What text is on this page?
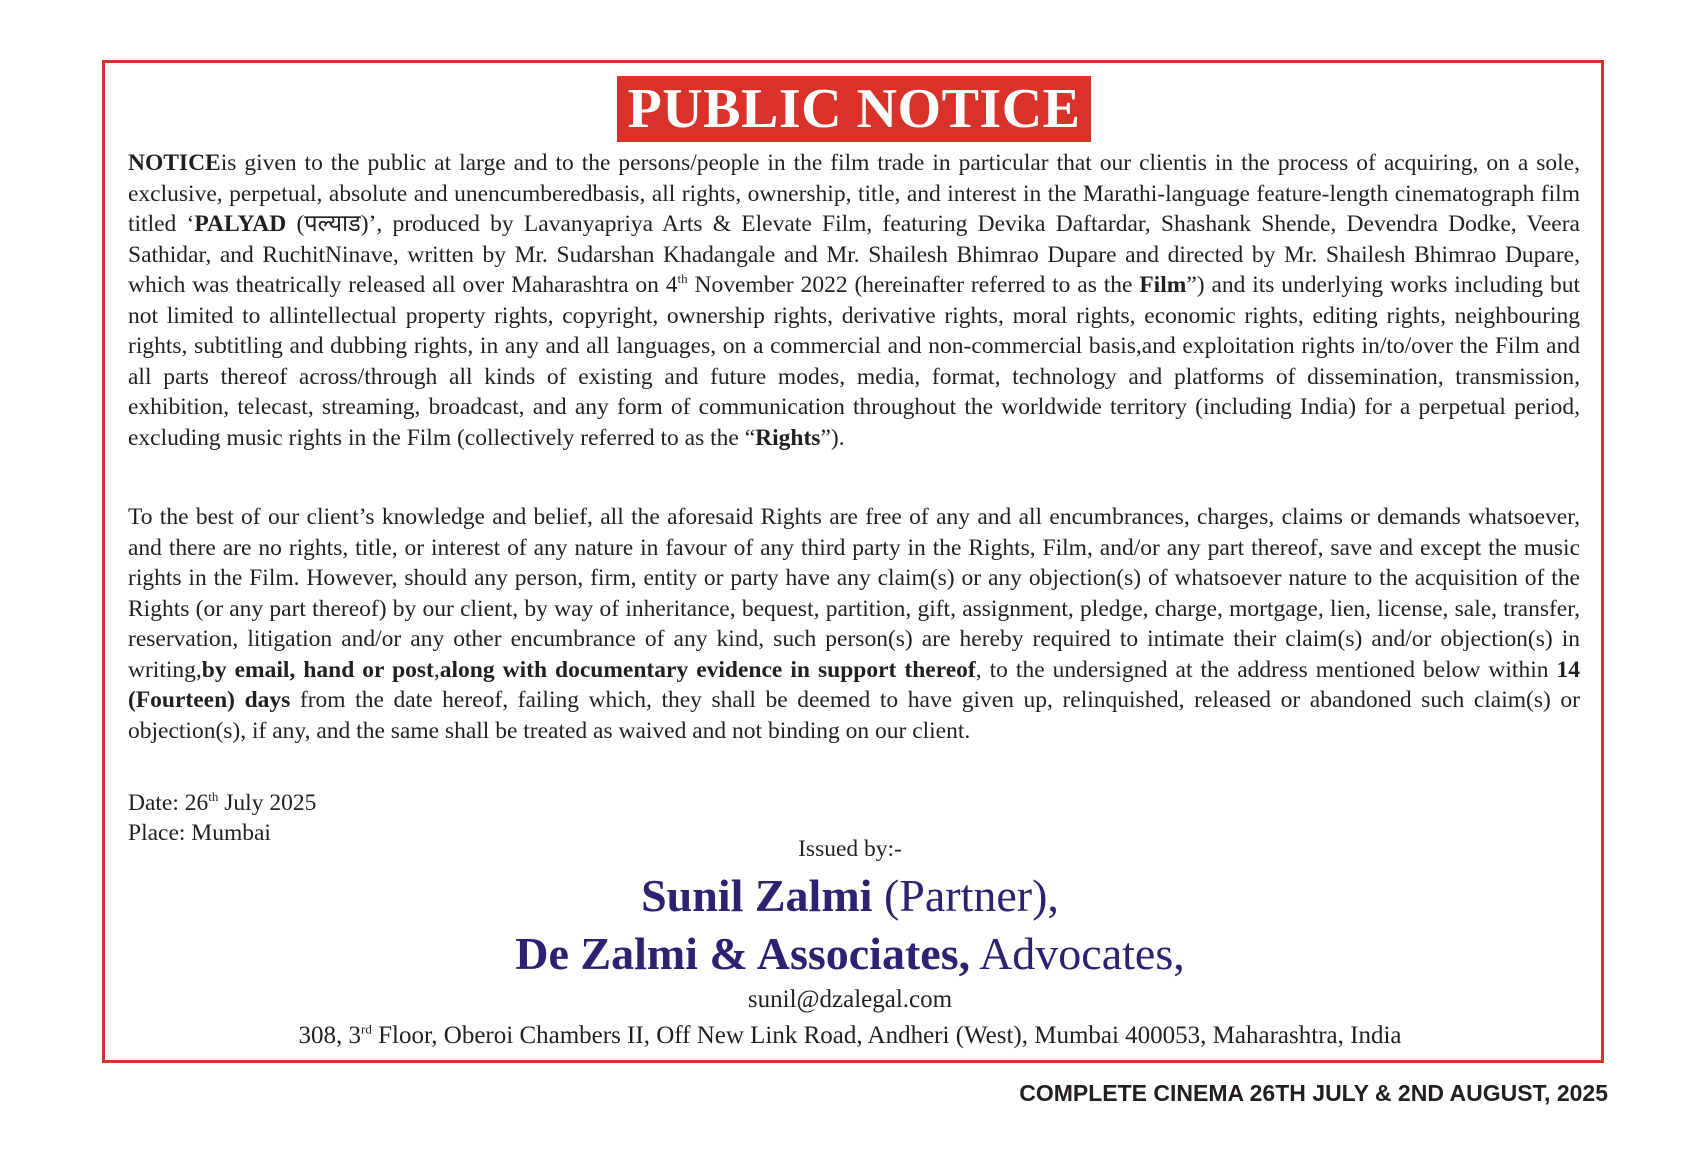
PUBLIC NOTICE
NOTICEis given to the public at large and to the persons/people in the film trade in particular that our clientis in the process of acquiring, on a sole, exclusive, perpetual, absolute and unencumberedbasis, all rights, ownership, title, and interest in the Marathi-language feature-length cinematograph film titled ‘PALYAD (पल्याड)’, produced by Lavanyapriya Arts & Elevate Film, featuring Devika Daftardar, Shashank Shende, Devendra Dodke, Veera Sathidar, and RuchitNinave, written by Mr. Sudarshan Khadangale and Mr. Shailesh Bhimrao Dupare and directed by Mr. Shailesh Bhimrao Dupare, which was theatrically released all over Maharashtra on 4th November 2022 (hereinafter referred to as the Film”) and its underlying works including but not limited to allintellectual property rights, copyright, ownership rights, derivative rights, moral rights, economic rights, editing rights, neighbouring rights, subtitling and dubbing rights, in any and all languages, on a commercial and non-commercial basis,and exploitation rights in/to/over the Film and all parts thereof across/through all kinds of existing and future modes, media, format, technology and platforms of dissemination, transmission, exhibition, telecast, streaming, broadcast, and any form of communication throughout the worldwide territory (including India) for a perpetual period, excluding music rights in the Film (collectively referred to as the “Rights”).
To the best of our client’s knowledge and belief, all the aforesaid Rights are free of any and all encumbrances, charges, claims or demands whatsoever, and there are no rights, title, or interest of any nature in favour of any third party in the Rights, Film, and/or any part thereof, save and except the music rights in the Film. However, should any person, firm, entity or party have any claim(s) or any objection(s) of whatsoever nature to the acquisition of the Rights (or any part thereof) by our client, by way of inheritance, bequest, partition, gift, assignment, pledge, charge, mortgage, lien, license, sale, transfer, reservation, litigation and/or any other encumbrance of any kind, such person(s) are hereby required to intimate their claim(s) and/or objection(s) in writing,by email, hand or post,along with documentary evidence in support thereof, to the undersigned at the address mentioned below within 14 (Fourteen) days from the date hereof, failing which, they shall be deemed to have given up, relinquished, released or abandoned such claim(s) or objection(s), if any, and the same shall be treated as waived and not binding on our client.
Date: 26th July 2025
Place: Mumbai
Issued by:-
Sunil Zalmi (Partner),
De Zalmi & Associates, Advocates,
sunil@dzalegal.com
308, 3rd Floor, Oberoi Chambers II, Off New Link Road, Andheri (West), Mumbai 400053, Maharashtra, India
COMPLETE CINEMA 26TH JULY & 2ND AUGUST, 2025
